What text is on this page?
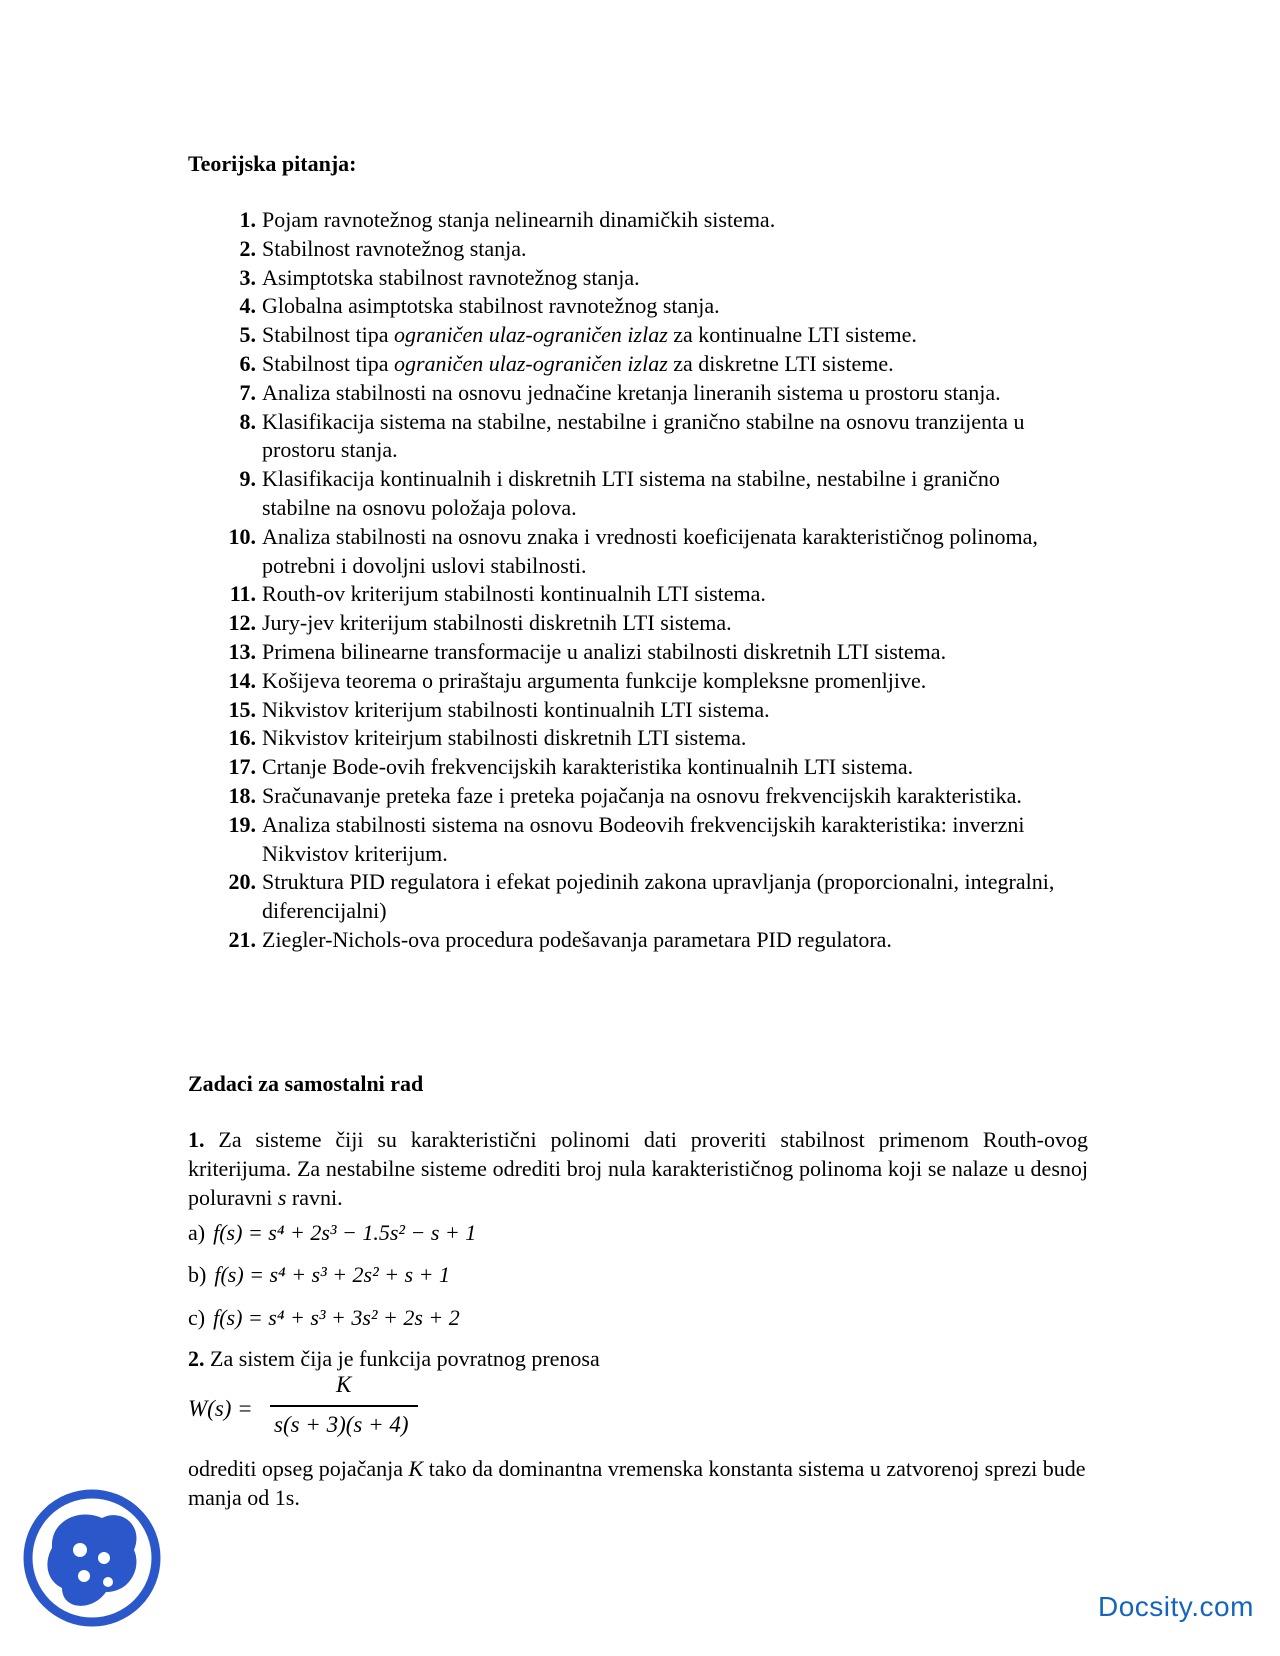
Teorijska pitanja:
1. Pojam ravnotežnog stanja nelinearnih dinamičkih sistema.
2. Stabilnost ravnotežnog stanja.
3. Asimptotska stabilnost ravnotežnog stanja.
4. Globalna asimptotska stabilnost ravnotežnog stanja.
5. Stabilnost tipa ograničen ulaz-ograničen izlaz za kontinualne LTI sisteme.
6. Stabilnost tipa ograničen ulaz-ograničen izlaz za diskretne LTI sisteme.
7. Analiza stabilnosti na osnovu jednačine kretanja lineranih sistema u prostoru stanja.
8. Klasifikacija sistema na stabilne, nestabilne i granično stabilne na osnovu tranzijenta u prostoru stanja.
9. Klasifikacija kontinualnih i diskretnih LTI sistema na stabilne, nestabilne i granično stabilne na osnovu položaja polova.
10. Analiza stabilnosti na osnovu znaka i vrednosti koeficijenata karakterističnog polinoma, potrebni i dovoljni uslovi stabilnosti.
11. Routh-ov kriterijum stabilnosti kontinualnih LTI sistema.
12. Jury-jev kriterijum stabilnosti diskretnih LTI sistema.
13. Primena bilinearne transformacije u analizi stabilnosti diskretnih LTI sistema.
14. Košijeva teorema o priraštaju argumenta funkcije kompleksne promenljive.
15. Nikvistov kriterijum stabilnosti kontinualnih LTI sistema.
16. Nikvistov kriteirjum stabilnosti diskretnih LTI sistema.
17. Crtanje Bode-ovih frekvencijskih karakteristika kontinualnih LTI sistema.
18. Sračunavanje preteka faze i preteka pojačanja na osnovu frekvencijskih karakteristika.
19. Analiza stabilnosti sistema na osnovu Bodeovih frekvencijskih karakteristika: inverzni Nikvistov kriterijum.
20. Struktura PID regulatora i efekat pojedinih zakona upravljanja (proporcionalni, integralni, diferencijalni)
21. Ziegler-Nichols-ova procedura podešavanja parametara PID regulatora.
Zadaci za samostalni rad
1. Za sisteme čiji su karakteristični polinomi dati proveriti stabilnost primenom Routh-ovog kriterijuma. Za nestabilne sisteme odrediti broj nula karakterističnog polinoma koji se nalaze u desnoj poluravni s ravni.
a) f(s) = s⁴ + 2s³ − 1.5s² − s + 1
b) f(s) = s⁴ + s³ + 2s² + s + 1
c) f(s) = s⁴ + s³ + 3s² + 2s + 2
2. Za sistem čija je funkcija povratnog prenosa
W(s) =
K
s(s + 3)(s + 4)
odrediti opseg pojačanja K tako da dominantna vremenska konstanta sistema u zatvorenoj sprezi bude manja od 1s.
Docsity.com
